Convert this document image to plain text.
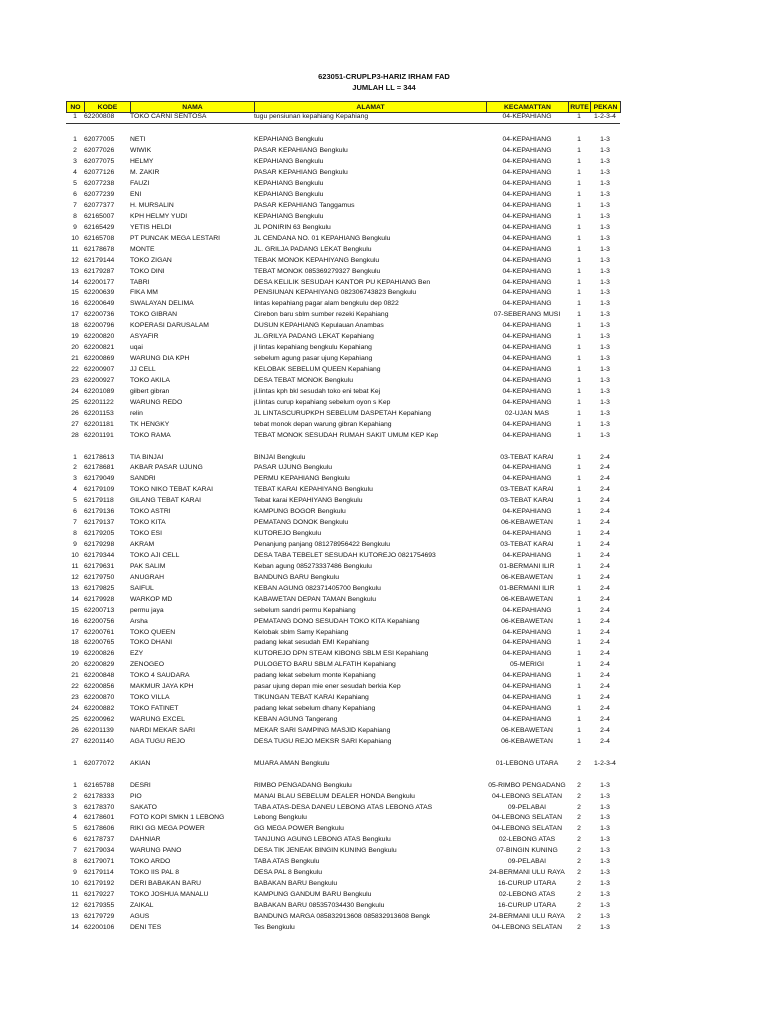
623051-CRUPLP3-HARIZ IRHAM FAD
JUMLAH LL = 344
NO	KODE	NAMA	ALAMAT	KECAMATTAN	RUTE	PEKAN
1	62200808	TOKO CARNI SENTOSA	tugu pensiunan kepahiang Kepahiang	04-KEPAHIANG	1	1-2-3-4

1	62077005	NETI	KEPAHIANG Bengkulu	04-KEPAHIANG	1	1-3
2	62077026	WIWIK	PASAR KEPAHIANG Bengkulu	04-KEPAHIANG	1	1-3
3	62077075	HELMY	KEPAHIANG Bengkulu	04-KEPAHIANG	1	1-3
4	62077126	M. ZAKIR	PASAR KEPAHIANG Bengkulu	04-KEPAHIANG	1	1-3
5	62077238	FAUZI	KEPAHIANG Bengkulu	04-KEPAHIANG	1	1-3
6	62077239	ENI	KEPAHIANG Bengkulu	04-KEPAHIANG	1	1-3
7	62077377	H. MURSALIN	PASAR KEPAHIANG Tanggamus	04-KEPAHIANG	1	1-3
8	62165007	KPH HELMY YUDI	KEPAHIANG Bengkulu	04-KEPAHIANG	1	1-3
9	62165429	YETIS HELDI	JL PONIRIN 63 Bengkulu	04-KEPAHIANG	1	1-3
10	62165708	PT PUNCAK MEGA LESTARI	JL CENDANA NO. 01 KEPAHIANG Bengkulu	04-KEPAHIANG	1	1-3
11	62178678	MONTE	JL. GRILJA PADANG LEKAT Bengkulu	04-KEPAHIANG	1	1-3
12	62179144	TOKO ZIGAN	TEBAK MONOK KEPAHIYANG Bengkulu	04-KEPAHIANG	1	1-3
13	62179287	TOKO DINI	TEBAT MONOK 085369279327 Bengkulu	04-KEPAHIANG	1	1-3
14	62200177	TABRI	DESA KELILIK SESUDAH KANTOR PU KEPAHIANG Ben	04-KEPAHIANG	1	1-3
15	62200639	FIKA MM	PENSIUNAN KEPAHIYANG 082306743823 Bengkulu	04-KEPAHIANG	1	1-3
16	62200649	SWALAYAN DELIMA	lintas kepahiang pagar alam bengkulu dep 0822	04-KEPAHIANG	1	1-3
17	62200736	TOKO GIBRAN	Cirebon baru sblm sumber rezeki Kepahiang	07-SEBERANG MUSI	1	1-3
18	62200796	KOPERASI DARUSALAM	DUSUN KEPAHIANG Kepulauan Anambas	04-KEPAHIANG	1	1-3
19	62200820	ASYAFIR	JL.GRILYA PADANG LEKAT Kepahiang	04-KEPAHIANG	1	1-3
20	62200821	uqai	jl lintas kepahiang bengkulu Kepahiang	04-KEPAHIANG	1	1-3
21	62200869	WARUNG DIA KPH	sebelum agung pasar ujung Kepahiang	04-KEPAHIANG	1	1-3
22	62200907	JJ CELL	KELOBAK SEBELUM QUEEN Kepahiang	04-KEPAHIANG	1	1-3
23	62200927	TOKO AKILA	DESA TEBAT MONOK Bengkulu	04-KEPAHIANG	1	1-3
24	62201089	gilbert gibran	jl.lintas kph bkl sesudah toko eni tebat Kej	04-KEPAHIANG	1	1-3
25	62201122	WARUNG REDO	jl.lintas curup kepahiang sebelum oyon s Kep	04-KEPAHIANG	1	1-3
26	62201153	relin	JL LINTASCURUPKPH SEBELUM DASPETAH Kepahiang	02-UJAN MAS	1	1-3
27	62201181	TK HENGKY	tebat monok depan warung gibran Kepahiang	04-KEPAHIANG	1	1-3
28	62201191	TOKO RAMA	TEBAT MONOK SESUDAH RUMAH SAKIT UMUM KEP Kep	04-KEPAHIANG	1	1-3

1	62178613	TIA BINJAI	BINJAI Bengkulu	03-TEBAT KARAI	1	2-4
2	62178681	AKBAR PASAR UJUNG	PASAR UJUNG Bengkulu	04-KEPAHIANG	1	2-4
3	62179049	SANDRI	PERMU KEPAHIANG Bengkulu	04-KEPAHIANG	1	2-4
4	62179109	TOKO NIKO TEBAT KARAI	TEBAT KARAI KEPAHIYANG Bengkulu	03-TEBAT KARAI	1	2-4
5	62179118	GILANG TEBAT KARAI	Tebat karai KEPAHIYANG Bengkulu	03-TEBAT KARAI	1	2-4
6	62179136	TOKO ASTRI	KAMPUNG BOGOR Bengkulu	04-KEPAHIANG	1	2-4
7	62179137	TOKO KITA	PEMATANG DONOK Bengkulu	06-KEBAWETAN	1	2-4
8	62179205	TOKO ESI	KUTOREJO Bengkulu	04-KEPAHIANG	1	2-4
9	62179298	AKRAM	Penanjung panjang 081278956422 Bengkulu	03-TEBAT KARAI	1	2-4
10	62179344	TOKO AJI CELL	DESA TABA TEBELET SESUDAH KUTOREJO 0821754693	04-KEPAHIANG	1	2-4
11	62179631	PAK SALIM	Keban agung 085273337486 Bengkulu	01-BERMANI ILIR	1	2-4
12	62179750	ANUGRAH	BANDUNG BARU Bengkulu	06-KEBAWETAN	1	2-4
13	62179825	SAIFUL	KEBAN AGUNG 082371405700 Bengkulu	01-BERMANI ILIR	1	2-4
14	62179928	WARKOP MD	KABAWETAN DEPAN TAMAN Bengkulu	06-KEBAWETAN	1	2-4
15	62200713	permu jaya	sebelum sandri permu Kepahiang	04-KEPAHIANG	1	2-4
16	62200756	Arsha	PEMATANG DONO SESUDAH TOKO KITA Kepahiang	06-KEBAWETAN	1	2-4
17	62200761	TOKO QUEEN	Kelobak sblm Samy Kepahiang	04-KEPAHIANG	1	2-4
18	62200765	TOKO DHANI	padang lekat sesudah EMI Kepahiang	04-KEPAHIANG	1	2-4
19	62200826	EZY	KUTOREJO DPN STEAM KIBONG SBLM ESI Kepahiang	04-KEPAHIANG	1	2-4
20	62200829	ZENOGEO	PULOGETO BARU SBLM ALFATIH Kepahiang	05-MERIGI	1	2-4
21	62200848	TOKO 4 SAUDARA	padang lekat sebelum monte Kepahiang	04-KEPAHIANG	1	2-4
22	62200856	MAKMUR JAYA KPH	pasar ujung depan mie ener sesudah berkia Kep	04-KEPAHIANG	1	2-4
23	62200870	TOKO VILLA	TIKUNGAN TEBAT KARAI Kepahiang	04-KEPAHIANG	1	2-4
24	62200882	TOKO FATINET	padang lekat sebelum dhany Kepahiang	04-KEPAHIANG	1	2-4
25	62200962	WARUNG EXCEL	KEBAN AGUNG Tangerang	04-KEPAHIANG	1	2-4
26	62201139	NARDI MEKAR SARI	MEKAR SARI SAMPING MASJID Kepahiang	06-KEBAWETAN	1	2-4
27	62201140	AGA TUGU REJO	DESA TUGU REJO MEKSR SARI Kepahiang	06-KEBAWETAN	1	2-4

1	62077072	AKIAN	MUARA AMAN Bengkulu	01-LEBONG UTARA	2	1-2-3-4

1	62165788	DESRI	RIMBO PENGADANG Bengkulu	05-RIMBO PENGADANG	2	1-3
2	62178333	PIO	MANAI BLAU SEBELUM DEALER HONDA Bengkulu	04-LEBONG SELATAN	2	1-3
3	62178370	SAKATO	TABA ATAS-DESA DANEU LEBONG ATAS LEBONG ATAS	09-PELABAI	2	1-3
4	62178601	FOTO KOPI SMKN 1 LEBONG	Lebong Bengkulu	04-LEBONG SELATAN	2	1-3
5	62178606	RIKI GG MEGA POWER	GG MEGA POWER Bengkulu	04-LEBONG SELATAN	2	1-3
6	62178737	DAHNIAR	TANJUNG AGUNG LEBONG ATAS Bengkulu	02-LEBONG ATAS	2	1-3
7	62179034	WARUNG PANO	DESA TIK JENEAK BINGIN KUNING Bengkulu	07-BINGIN KUNING	2	1-3
8	62179071	TOKO ARDO	TABA ATAS Bengkulu	09-PELABAI	2	1-3
9	62179114	TOKO IIS PAL 8	DESA PAL 8 Bengkulu	24-BERMANI ULU RAYA	2	1-3
10	62179192	DERI BABAKAN BARU	BABAKAN BARU Bengkulu	16-CURUP UTARA	2	1-3
11	62179227	TOKO JOSHUA MANALU	KAMPUNG GANDUM BARU Bengkulu	02-LEBONG ATAS	2	1-3
12	62179355	ZAIKAL	BABAKAN BARU 085357034430 Bengkulu	16-CURUP UTARA	2	1-3
13	62179729	AGUS	BANDUNG MARGA 085832913608 085832913608 Bengk	24-BERMANI ULU RAYA	2	1-3
14	62200106	DENI TES	Tes Bengkulu	04-LEBONG SELATAN	2	1-3
